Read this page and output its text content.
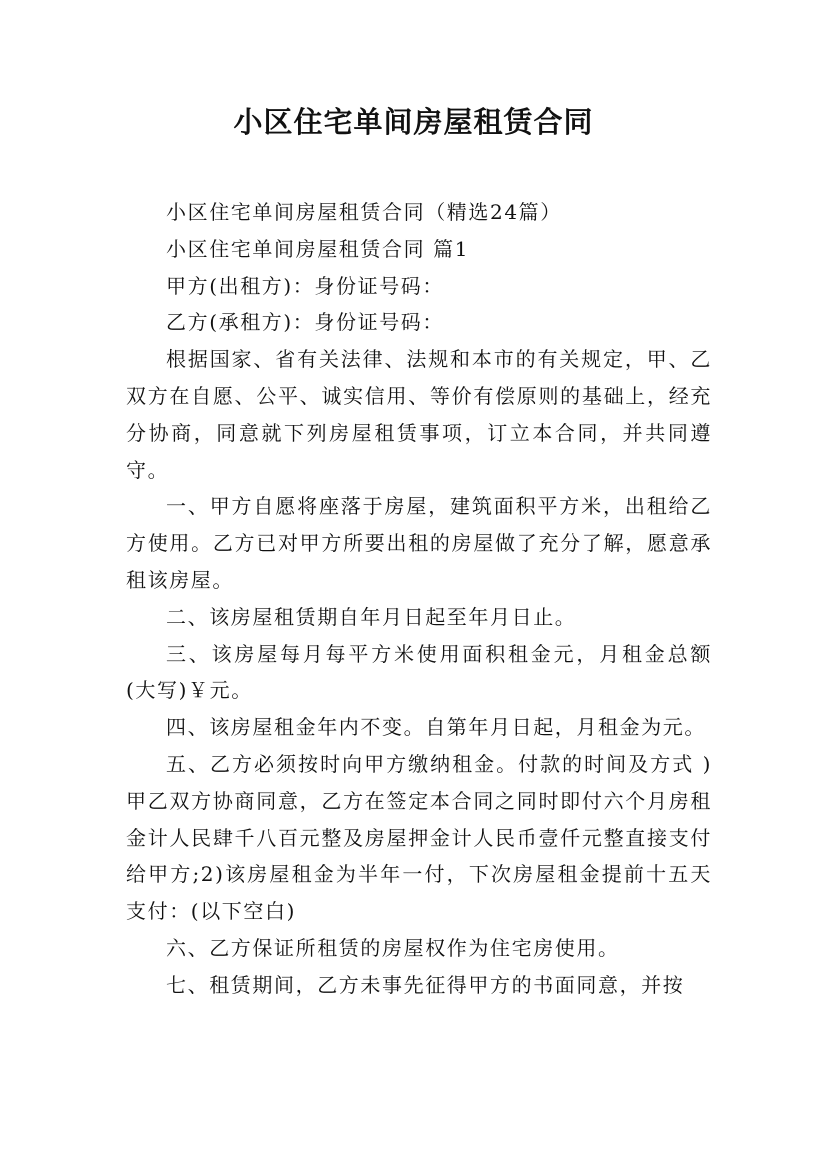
小区住宅单间房屋租赁合同

小区住宅单间房屋租赁合同（精选24篇）

小区住宅单间房屋租赁合同 篇1

甲方(出租方)：身份证号码：

乙方(承租方)：身份证号码：

根据国家、省有关法律、法规和本市的有关规定，甲、乙双方在自愿、公平、诚实信用、等价有偿原则的基础上，经充分协商，同意就下列房屋租赁事项，订立本合同，并共同遵守。

一、甲方自愿将座落于房屋，建筑面积平方米，出租给乙方使用。乙方已对甲方所要出租的房屋做了充分了解，愿意承租该房屋。

二、该房屋租赁期自年月日起至年月日止。

三、该房屋每月每平方米使用面积租金元，月租金总额(大写)￥元。

四、该房屋租金年内不变。自第年月日起，月租金为元。

五、乙方必须按时向甲方缴纳租金。付款的时间及方式 )甲乙双方协商同意，乙方在签定本合同之同时即付六个月房租金计人民肆千八百元整及房屋押金计人民币壹仟元整直接支付给甲方;2)该房屋租金为半年一付，下次房屋租金提前十五天支付：(以下空白)

六、乙方保证所租赁的房屋权作为住宅房使用。

七、租赁期间，乙方未事先征得甲方的书面同意，并按
